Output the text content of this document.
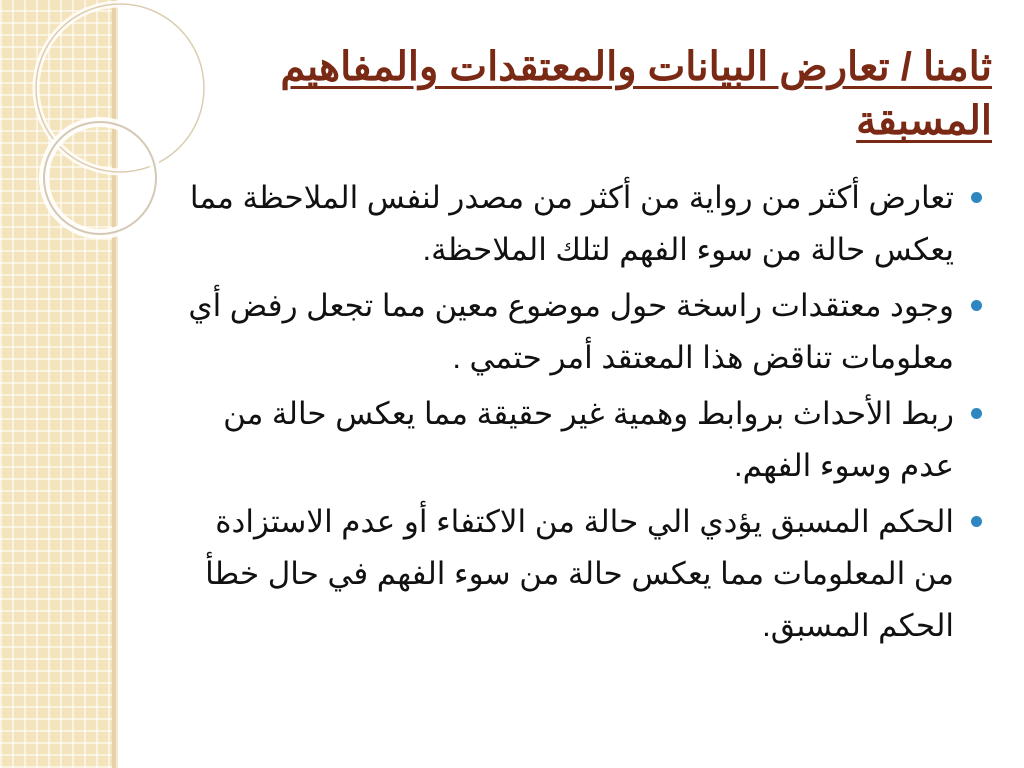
ثامنا / تعارض البيانات والمعتقدات والمفاهيم المسبقة
تعارض أكثر من رواية من أكثر من مصدر لنفس الملاحظة مما يعكس حالة من سوء الفهم لتلك الملاحظة.
وجود معتقدات راسخة حول موضوع معين مما تجعل رفض أي معلومات تناقض هذا المعتقد أمر حتمي .
ربط الأحداث بروابط وهمية غير حقيقة مما يعكس حالة من عدم وسوء الفهم.
الحكم المسبق يؤدي الي حالة من الاكتفاء أو عدم الاستزادة من المعلومات مما يعكس حالة من سوء الفهم في حال خطأ الحكم المسبق.
